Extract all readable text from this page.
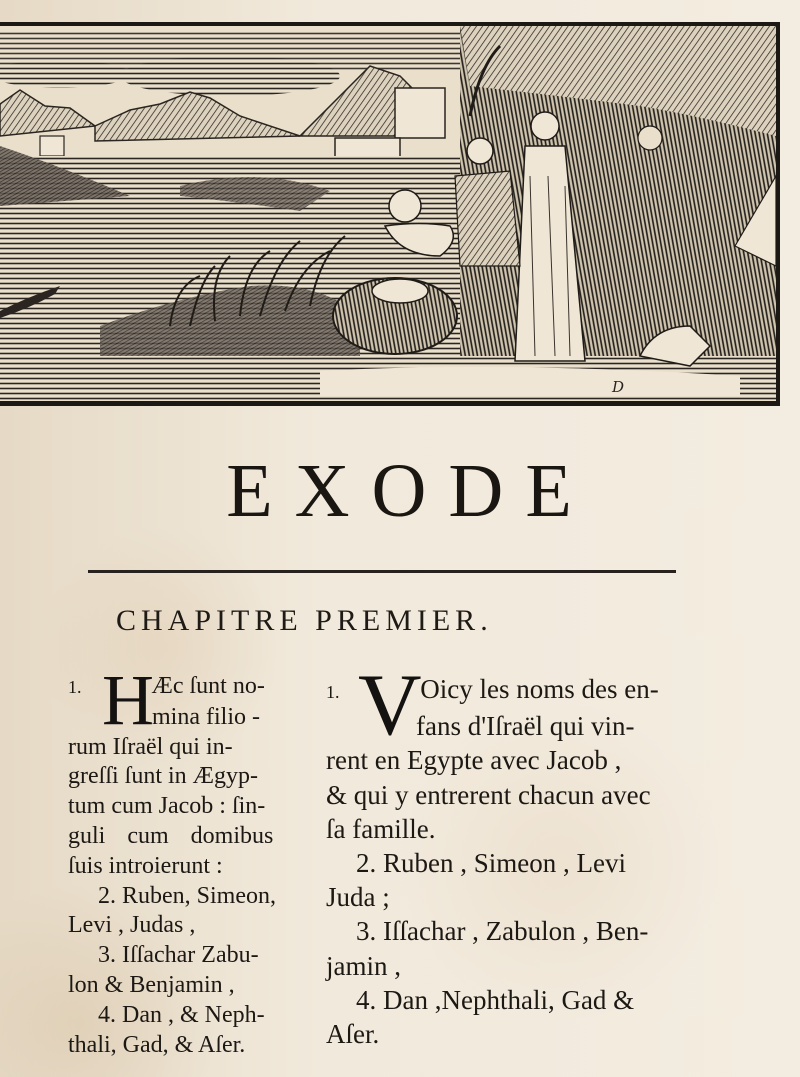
D
EXODE
CHAPITRE PREMIER.
H
1.	Æc ſunt no-
mina filio -
rum Iſraël qui in-
greſſi ſunt in Ægyp-
tum cum Jacob : ſin-
guli cum domibus
ſuis introierunt :
2. Ruben, Simeon,
Levi , Judas ,
3. Iſſachar Zabu-
lon & Benjamin ,
4. Dan , & Neph-
thali, Gad, & Aſer.
V
1.	Oicy les noms des en-
fans d'Iſraël qui vin-
rent en Egypte avec Jacob ,
& qui y entrerent chacun avec
ſa famille.
2. Ruben , Simeon , Levi
Juda ;
3. Iſſachar , Zabulon , Ben-
jamin ,
4. Dan ,Nephthali, Gad &
Aſer.
